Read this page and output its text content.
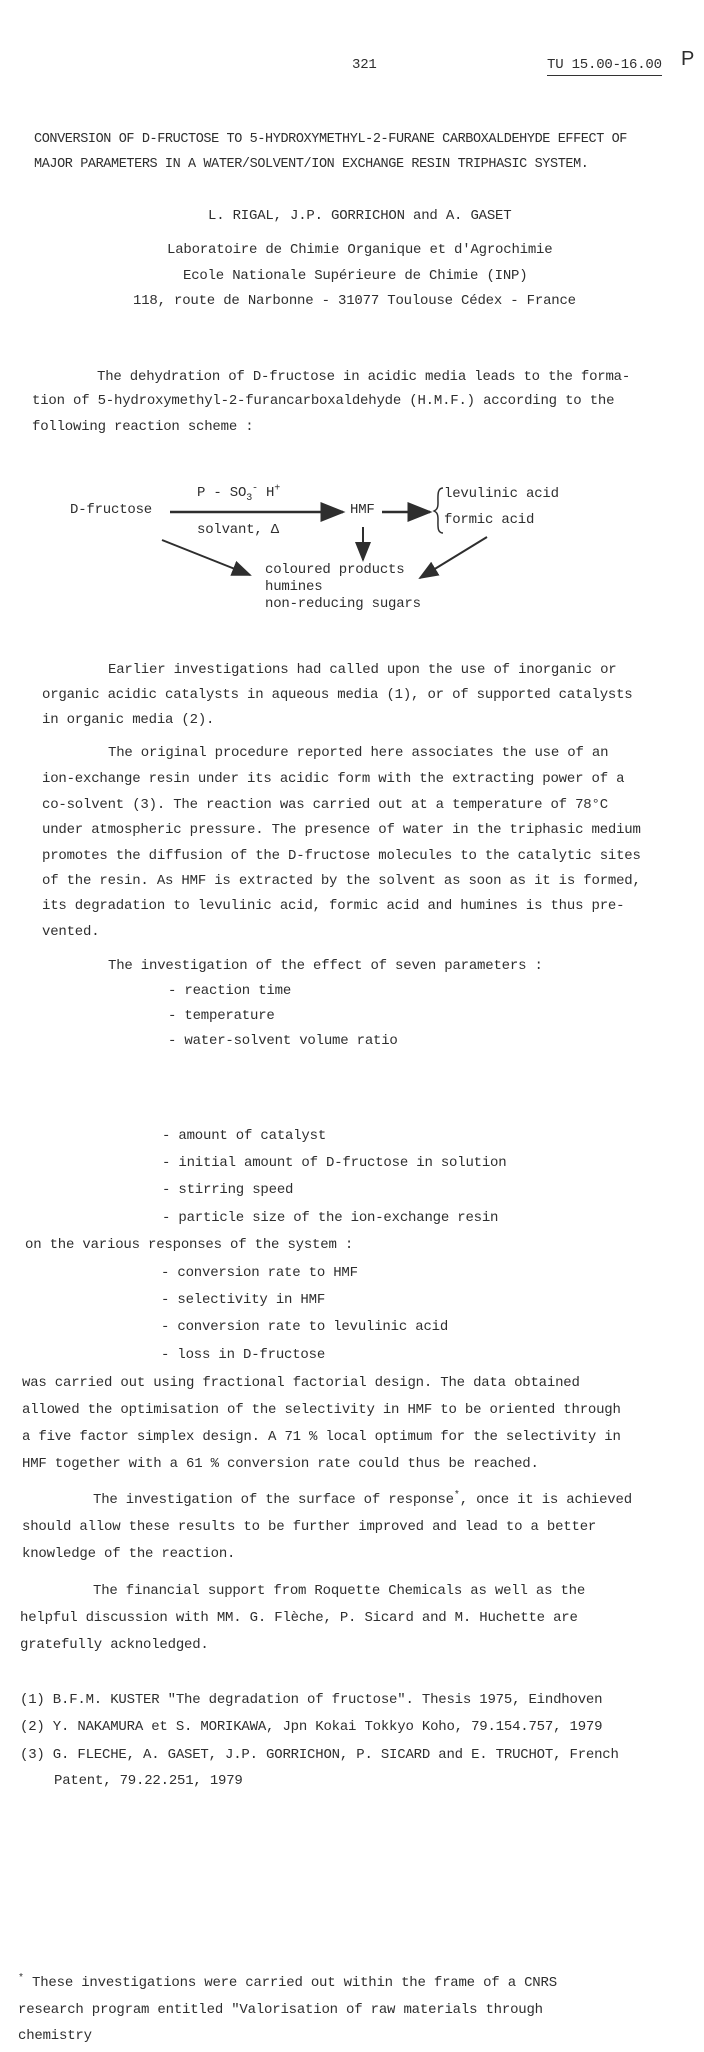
321	TU 15.00-16.00 P
CONVERSION OF D-FRUCTOSE TO 5-HYDROXYMETHYL-2-FURANE CARBOXALDEHYDE EFFECT OF
MAJOR PARAMETERS IN A WATER/SOLVENT/ION EXCHANGE RESIN TRIPHASIC SYSTEM.
L. RIGAL, J.P. GORRICHON and A. GASET
Laboratoire de Chimie Organique et d'Agrochimie
Ecole Nationale Supérieure de Chimie (INP)
118, route de Narbonne - 31077 Toulouse Cédex - France
The dehydration of D-fructose in acidic media leads to the forma-
tion of 5-hydroxymethyl-2-furancarboxaldehyde (H.M.F.) according to the
following reaction scheme :
D-fructose
P - $SO_3^-$ H+
solvant, Δ
HMF
levulinic acid
formic acid
coloured products
humines
non-reducing sugars
Earlier investigations had called upon the use of inorganic or
organic acidic catalysts in aqueous media (1), or of supported catalysts
in organic media (2).
The original procedure reported here associates the use of an
ion-exchange resin under its acidic form with the extracting power of a
co-solvent (3). The reaction was carried out at a temperature of 78°C
under atmospheric pressure. The presence of water in the triphasic medium
promotes the diffusion of the D-fructose molecules to the catalytic sites
of the resin. As HMF is extracted by the solvent as soon as it is formed,
its degradation to levulinic acid, formic acid and humines is thus pre-
vented.
The investigation of the effect of seven parameters :
- reaction time
- temperature
- water-solvent volume ratio
- amount of catalyst
- initial amount of D-fructose in solution
- stirring speed
- particle size of the ion-exchange resin
on the various responses of the system :
- conversion rate to HMF
- selectivity in HMF
- conversion rate to levulinic acid
- loss in D-fructose
was carried out using fractional factorial design. The data obtained
allowed the optimisation of the selectivity in HMF to be oriented through
a five factor simplex design. A 71 % local optimum for the selectivity in
HMF together with a 61 % conversion rate could thus be reached.
The investigation of the surface of response*, once it is achieved
should allow these results to be further improved and lead to a better
knowledge of the reaction.
The financial support from Roquette Chemicals as well as the
helpful discussion with MM. G. Flèche, P. Sicard and M. Huchette are
gratefully acknoledged.
(1) B.F.M. KUSTER "The degradation of fructose". Thesis 1975, Eindhoven
(2) Y. NAKAMURA et S. MORIKAWA, Jpn Kokai Tokkyo Koho, 79.154.757, 1979
(3) G. FLECHE, A. GASET, J.P. GORRICHON, P. SICARD and E. TRUCHOT, French
Patent, 79.22.251, 1979
* These investigations were carried out within the frame of a CNRS
research program entitled "Valorisation of raw materials through
chemistry
